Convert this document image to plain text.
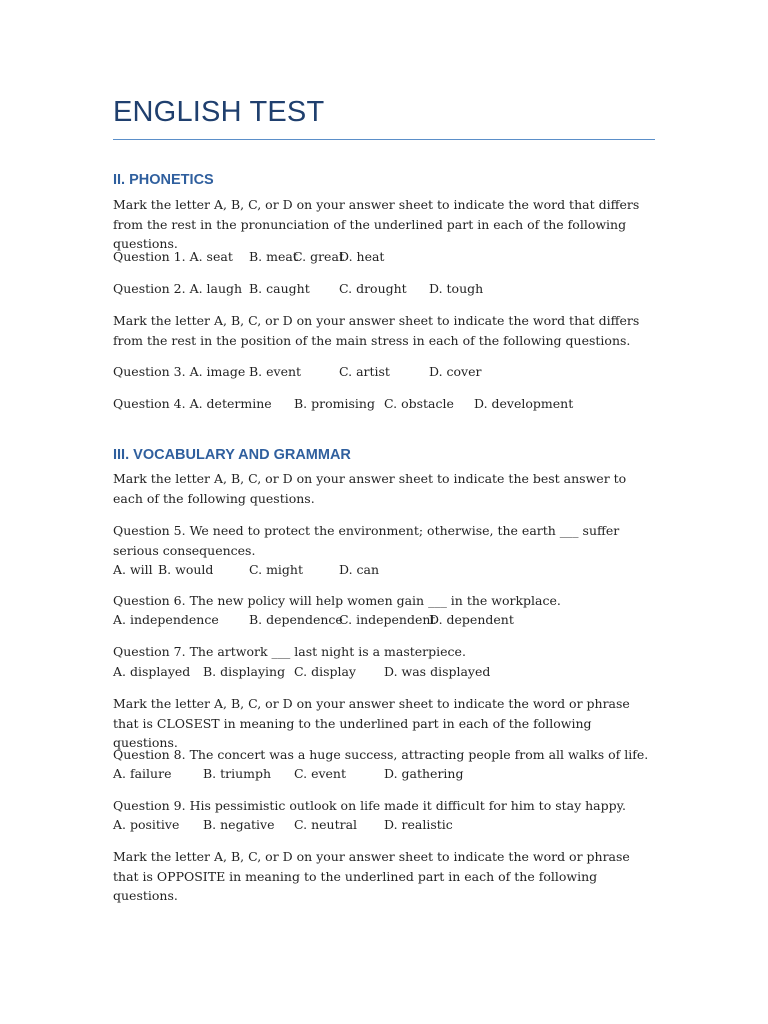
ENGLISH TEST
II. PHONETICS

Mark the letter A, B, C, or D on your answer sheet to indicate the word that differs from the rest in the pronunciation of the underlined part in each of the following questions.

Question 1. A. seat B. meat
C. great
D. heat
Question 2. A. laugh B. caught C. drought D. tough

Mark the letter A, B, C, or D on your answer sheet to indicate the word that differs from the rest in the position of the main stress in each of the following questions.

Question 3. A. image B. event	C. artist	D. cover
Question 4. A. determine B. promising C. obstacle D. development
III. VOCABULARY AND GRAMMAR

Mark the letter A, B, C, or D on your answer sheet to indicate the best answer to each of the following questions.

Question 5. We need to protect the environment; otherwise, the earth ___ suffer serious consequences.

A. will B. would	C. might	D. can
Question 6. The new policy will help women gain ___ in the workplace.
A. independence B. dependence
C. independent
D. dependent
Question 7. The artwork ___ last night is a masterpiece.
A. displayed B. displaying C. display D. was displayed

Mark the letter A, B, C, or D on your answer sheet to indicate the word or phrase that is CLOSEST in meaning to the underlined part in each of the following questions.

Question 8. The concert was a huge success, attracting people from all walks of life.
A. failure	B. triumph C. event	D. gathering
Question 9. His pessimistic outlook on life made it difficult for him to stay happy.
A. positive B. negative C. neutral D. realistic

Mark the letter A, B, C, or D on your answer sheet to indicate the word or phrase that is OPPOSITE in meaning to the underlined part in each of the following questions.
